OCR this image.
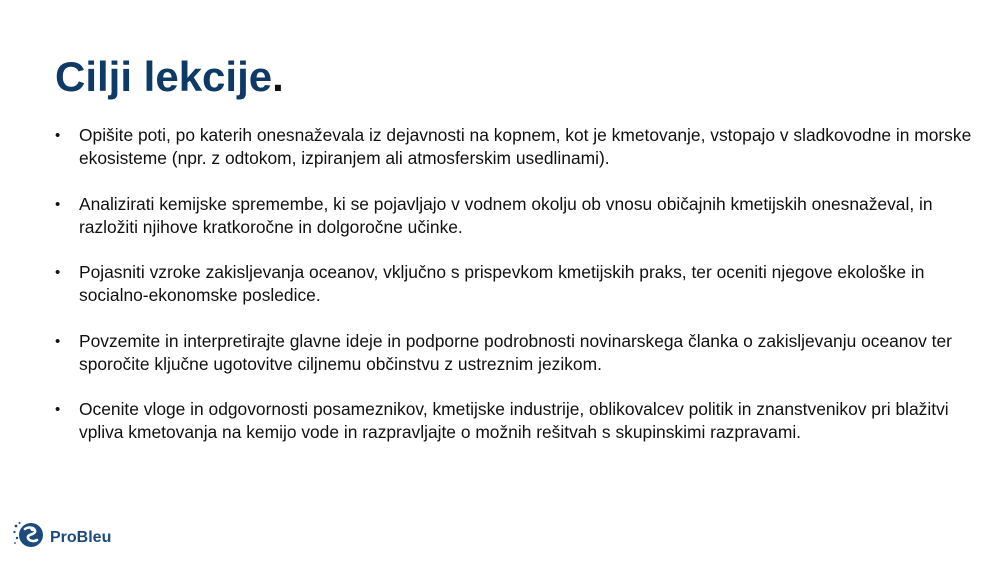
Cilji lekcije.
• Opišite poti, po katerih onesnaževala iz dejavnosti na kopnem, kot je kmetovanje, vstopajo v sladkovodne in morske ekosisteme (npr. z odtokom, izpiranjem ali atmosferskim usedlinami).
• Analizirati kemijske spremembe, ki se pojavljajo v vodnem okolju ob vnosu običajnih kmetijskih onesnaževal, in razložiti njihove kratkoročne in dolgoročne učinke.
• Pojasniti vzroke zakisljevanja oceanov, vključno s prispevkom kmetijskih praks, ter oceniti njegove ekološke in socialno-ekonomske posledice.
• Povzemite in interpretirajte glavne ideje in podporne podrobnosti novinarskega članka o zakisljevanju oceanov ter sporočite ključne ugotovitve ciljnemu občinstvu z ustreznim jezikom.
• Ocenite vloge in odgovornosti posameznikov, kmetijske industrije, oblikovalcev politik in znanstvenikov pri blažitvi vpliva kmetovanja na kemijo vode in razpravljajte o možnih rešitvah s skupinskimi razpravami.
ProBleu
